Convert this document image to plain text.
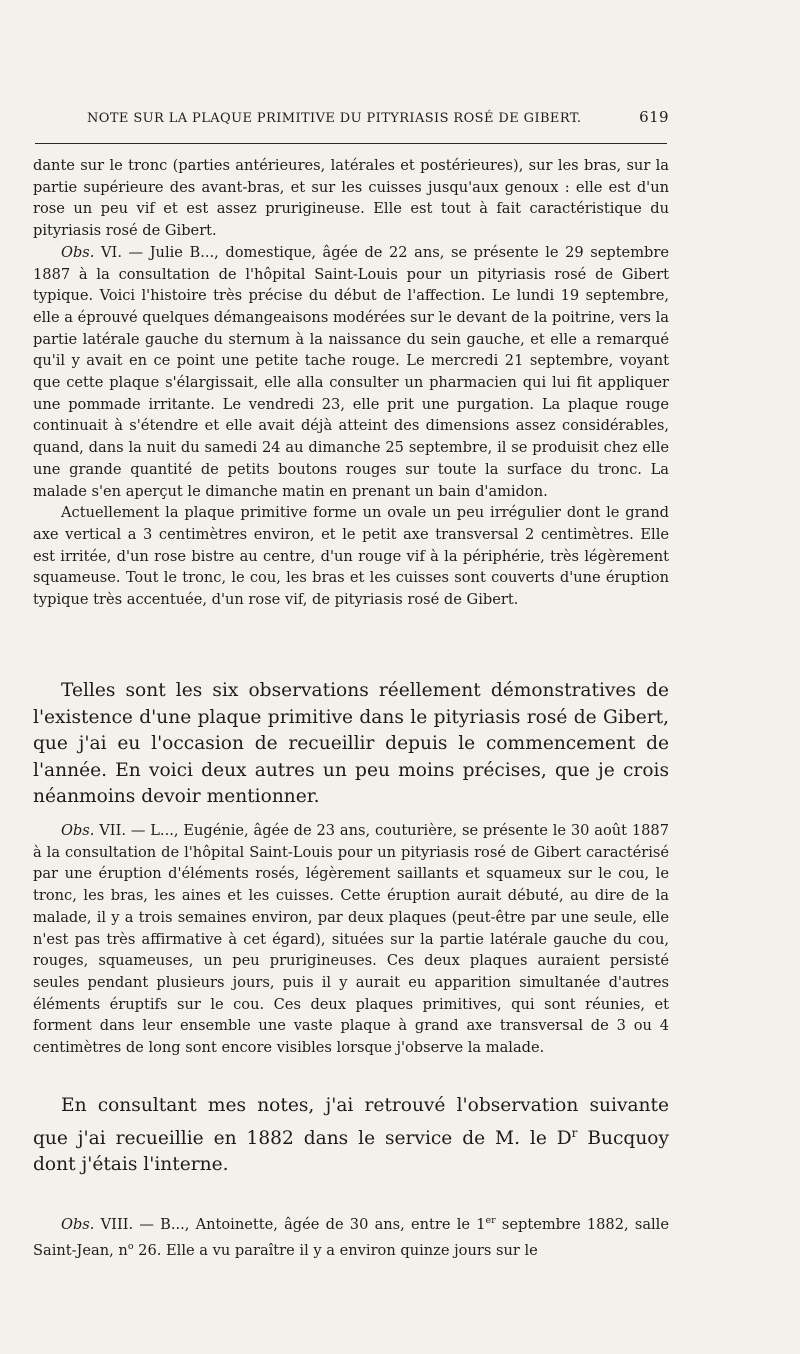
NOTE SUR LA PLAQUE PRIMITIVE DU PITYRIASIS ROSÉ DE GIBERT.	619

dante sur le tronc (parties antérieures, latérales et postérieures), sur les bras, sur la partie supérieure des avant-bras, et sur les cuisses jusqu'aux genoux : elle est d'un rose un peu vif et est assez prurigineuse. Elle est tout à fait caractéristique du pityriasis rosé de Gibert.

Obs. VI. — Julie B..., domestique, âgée de 22 ans, se présente le 29 septembre 1887 à la consultation de l'hôpital Saint-Louis pour un pityriasis rosé de Gibert typique. Voici l'histoire très précise du début de l'affection. Le lundi 19 septembre, elle a éprouvé quelques démangeaisons modérées sur le devant de la poitrine, vers la partie latérale gauche du sternum à la naissance du sein gauche, et elle a remarqué qu'il y avait en ce point une petite tache rouge. Le mercredi 21 septembre, voyant que cette plaque s'élargissait, elle alla consulter un pharmacien qui lui fit appliquer une pommade irritante. Le vendredi 23, elle prit une purgation. La plaque rouge continuait à s'étendre et elle avait déjà atteint des dimensions assez considérables, quand, dans la nuit du samedi 24 au dimanche 25 septembre, il se produisit chez elle une grande quantité de petits boutons rouges sur toute la surface du tronc. La malade s'en aperçut le dimanche matin en prenant un bain d'amidon.

Actuellement la plaque primitive forme un ovale un peu irrégulier dont le grand axe vertical a 3 centimètres environ, et le petit axe transversal 2 centimètres. Elle est irritée, d'un rose bistre au centre, d'un rouge vif à la périphérie, très légèrement squameuse. Tout le tronc, le cou, les bras et les cuisses sont couverts d'une éruption typique très accentuée, d'un rose vif, de pityriasis rosé de Gibert.

Telles sont les six observations réellement démonstratives de l'existence d'une plaque primitive dans le pityriasis rosé de Gibert, que j'ai eu l'occasion de recueillir depuis le commencement de l'année. En voici deux autres un peu moins précises, que je crois néanmoins devoir mentionner.

Obs. VII. — L..., Eugénie, âgée de 23 ans, couturière, se présente le 30 août 1887 à la consultation de l'hôpital Saint-Louis pour un pityriasis rosé de Gibert caractérisé par une éruption d'éléments rosés, légèrement saillants et squameux sur le cou, le tronc, les bras, les aines et les cuisses. Cette éruption aurait débuté, au dire de la malade, il y a trois semaines environ, par deux plaques (peut-être par une seule, elle n'est pas très affirmative à cet égard), situées sur la partie latérale gauche du cou, rouges, squameuses, un peu prurigineuses. Ces deux plaques auraient persisté seules pendant plusieurs jours, puis il y aurait eu apparition simultanée d'autres éléments éruptifs sur le cou. Ces deux plaques primitives, qui sont réunies, et forment dans leur ensemble une vaste plaque à grand axe transversal de 3 ou 4 centimètres de long sont encore visibles lorsque j'observe la malade.

En consultant mes notes, j'ai retrouvé l'observation suivante que j'ai recueillie en 1882 dans le service de M. le $D^r$ Bucquoy dont j'étais l'interne.

Obs. VIII. — B..., Antoinette, âgée de 30 ans, entre le 1er septembre 1882, salle Saint-Jean, $n^o$ 26. Elle a vu paraître il y a environ quinze jours sur le
